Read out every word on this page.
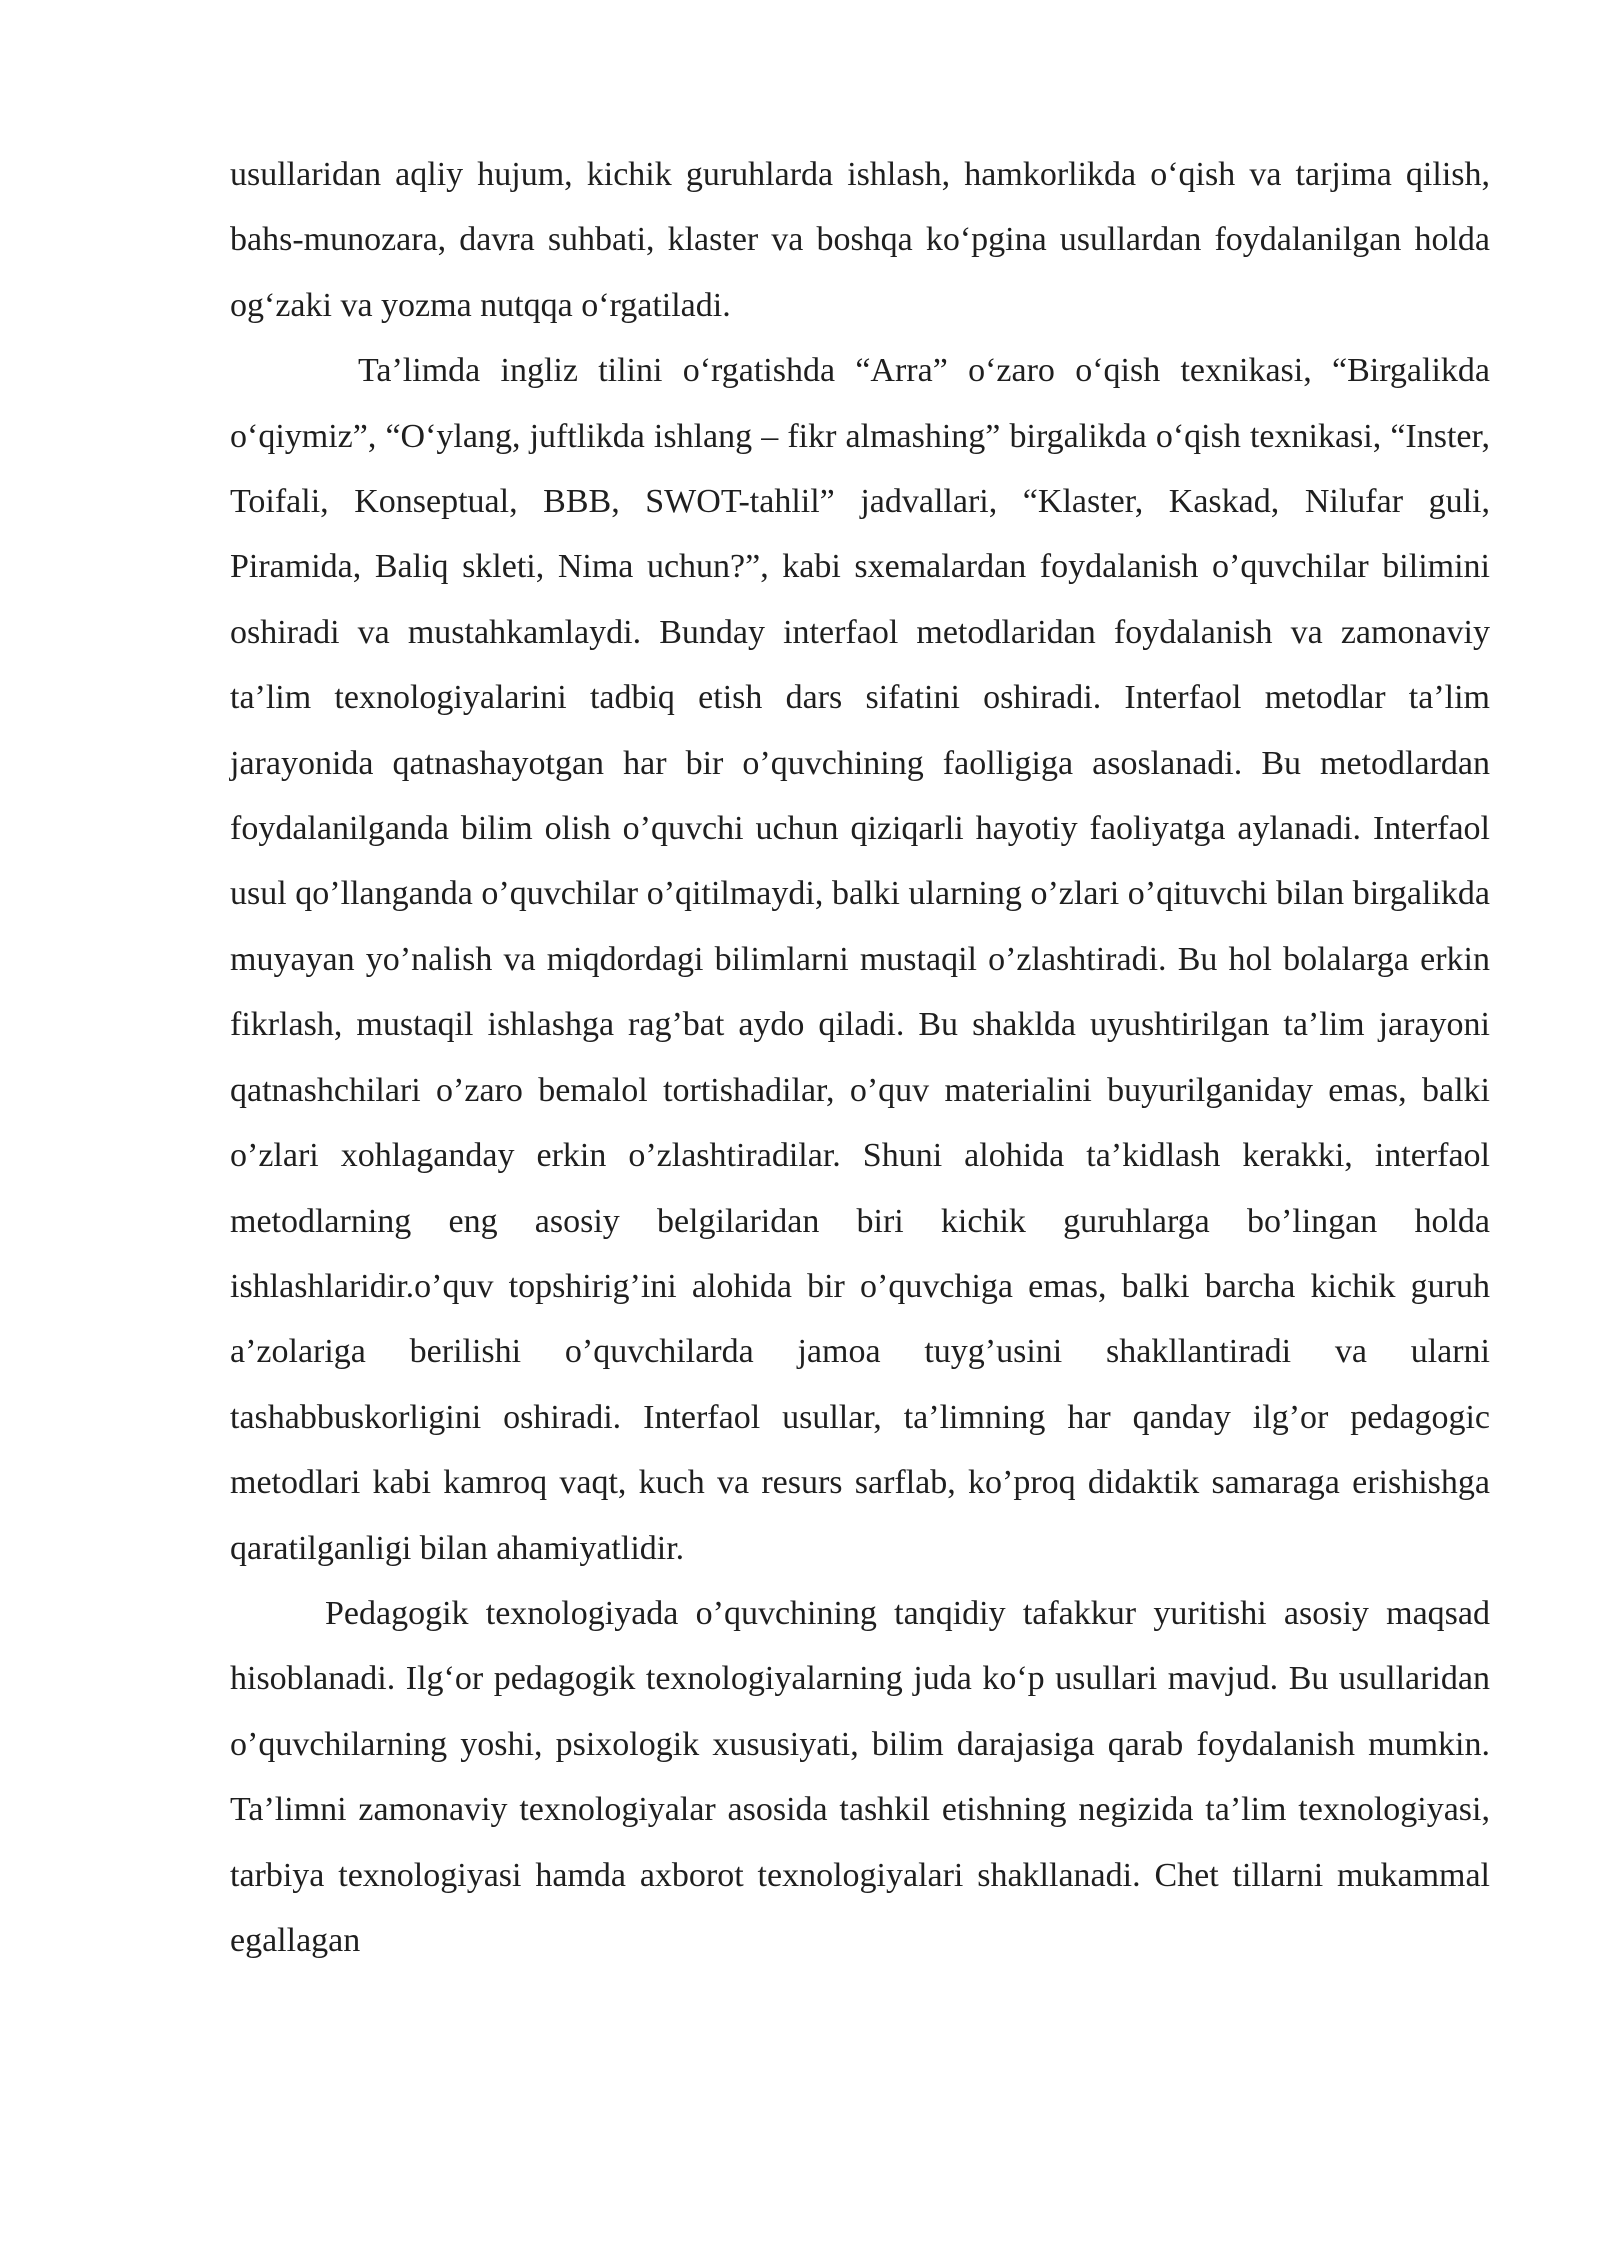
usullaridan aqliy hujum, kichik guruhlarda ishlash, hamkorlikda o‘qish va tarjima qilish, bahs-munozara, davra suhbati, klaster va boshqa ko‘pgina usullardan foydalanilgan holda og‘zaki va yozma nutqqa o‘rgatiladi.

Ta’limda ingliz tilini o‘rgatishda “Arra” o‘zaro o‘qish texnikasi, “Birgalikda o‘qiymiz”, “O‘ylang, juftlikda ishlang – fikr almashing” birgalikda o‘qish texnikasi, “Inster, Toifali, Konseptual, BBB, SWOT-tahlil” jadvallari, “Klaster, Kaskad, Nilufar guli, Piramida, Baliq skleti, Nima uchun?”, kabi sxemalardan foydalanish o’quvchilar bilimini oshiradi va mustahkamlaydi. Bunday interfaol metodlaridan foydalanish va zamonaviy ta’lim texnologiyalarini tadbiq etish dars sifatini oshiradi. Interfaol metodlar ta’lim jarayonida qatnashayotgan har bir o’quvchining faolligiga asoslanadi. Bu metodlardan foydalanilganda bilim olish o’quvchi uchun qiziqarli hayotiy faoliyatga aylanadi. Interfaol usul qo’llanganda o’quvchilar o’qitilmaydi, balki ularning o’zlari o’qituvchi bilan birgalikda muyayan yo’nalish va miqdordagi bilimlarni mustaqil o’zlashtiradi. Bu hol bolalarga erkin fikrlash, mustaqil ishlashga rag’bat aydo qiladi. Bu shaklda uyushtirilgan ta’lim jarayoni qatnashchilari o’zaro bemalol tortishadilar, o’quv materialini buyurilganiday emas, balki o’zlari xohlaganday erkin o’zlashtiradilar. Shuni alohida ta’kidlash kerakki, interfaol metodlarning eng asosiy belgilaridan biri kichik guruhlarga bo’lingan holda ishlashlaridir.o’quv topshirig’ini alohida bir o’quvchiga emas, balki barcha kichik guruh a’zolariga berilishi o’quvchilarda jamoa tuyg’usini shakllantiradi va ularni tashabbuskorligini oshiradi. Interfaol usullar, ta’limning har qanday ilg’or pedagogic metodlari kabi kamroq vaqt, kuch va resurs sarflab, ko’proq didaktik samaraga erishishga qaratilganligi bilan ahamiyatlidir.

Pedagogik texnologiyada o’quvchining tanqidiy tafakkur yuritishi asosiy maqsad hisoblanadi. Ilg‘or pedagogik texnologiyalarning juda ko‘p usullari mavjud. Bu usullaridan o’quvchilarning yoshi, psixologik xususiyati, bilim darajasiga qarab foydalanish mumkin. Ta’limni zamonaviy texnologiyalar asosida tashkil etishning negizida ta’lim texnologiyasi, tarbiya texnologiyasi hamda axborot texnologiyalari shakllanadi. Chet tillarni mukammal egallagan
